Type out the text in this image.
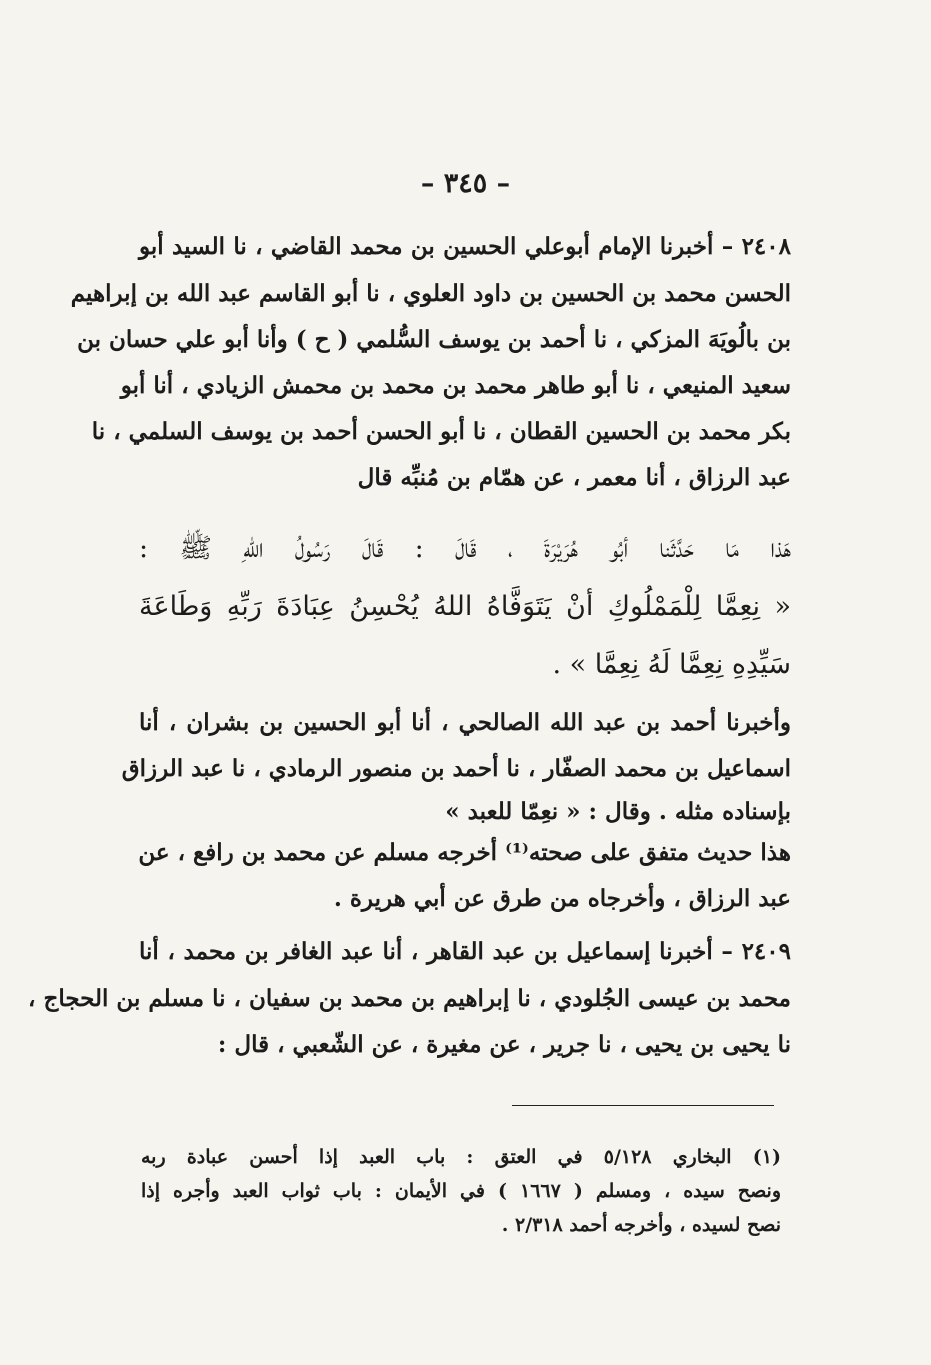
– ٣٤٥ –
٢٤٠٨ – أخبرنا الإمام أبوعلي الحسين بن محمد القاضي ، نا السيد أبو
الحسن محمد بن الحسين بن داود العلوي ، نا أبو القاسم عبد الله بن إبراهيم
بن بالُويَهَ المزكي ، نا أحمد بن يوسف السُّلمي ( ح ) وأنا أبو علي حسان بن
سعيد المنيعي ، نا أبو طاهر محمد بن محمد بن محمش الزيادي ، أنا أبو
بكر محمد بن الحسين القطان ، نا أبو الحسن أحمد بن يوسف السلمي ، نا
عبد الرزاق ، أنا معمر ، عن همّام بن مُنبِّه قال
هَذا مَا حَدَّثَنا أبُو هُرَيْرَةَ ، قَالَ : قَالَ رَسُولُ اللهِ ﷺ :
« نِعِمَّا لِلْمَمْلُوكِ أنْ يَتَوَفَّاهُ اللهُ يُحْسِنُ عِبَادَةَ رَبِّهِ وَطَاعَةَ
سَيِّدِهِ نِعِمَّا لَهُ نِعِمَّا » .
وأخبرنا أحمد بن عبد الله الصالحي ، أنا أبو الحسين بن بشران ، أنا
اسماعيل بن محمد الصفّار ، نا أحمد بن منصور الرمادي ، نا عبد الرزاق
بإسناده مثله . وقال : « نعِمّا للعبد »
هذا حديث متفق على صحته⁽¹⁾ أخرجه مسلم عن محمد بن رافع ، عن
عبد الرزاق ، وأخرجاه من طرق عن أبي هريرة .
٢٤٠٩ – أخبرنا إسماعيل بن عبد القاهر ، أنا عبد الغافر بن محمد ، أنا
محمد بن عيسى الجُلودي ، نا إبراهيم بن محمد بن سفيان ، نا مسلم بن الحجاج ،
نا يحيى بن يحيى ، نا جرير ، عن مغيرة ، عن الشّعبي ، قال :
(١) البخاري ٥/١٢٨ في العتق : باب العبد إذا أحسن عبادة ربه
ونصح سيده ، ومسلم ( ١٦٦٧ ) في الأيمان : باب ثواب العبد وأجره إذا
نصح لسيده ، وأخرجه أحمد ٢/٣١٨ .
